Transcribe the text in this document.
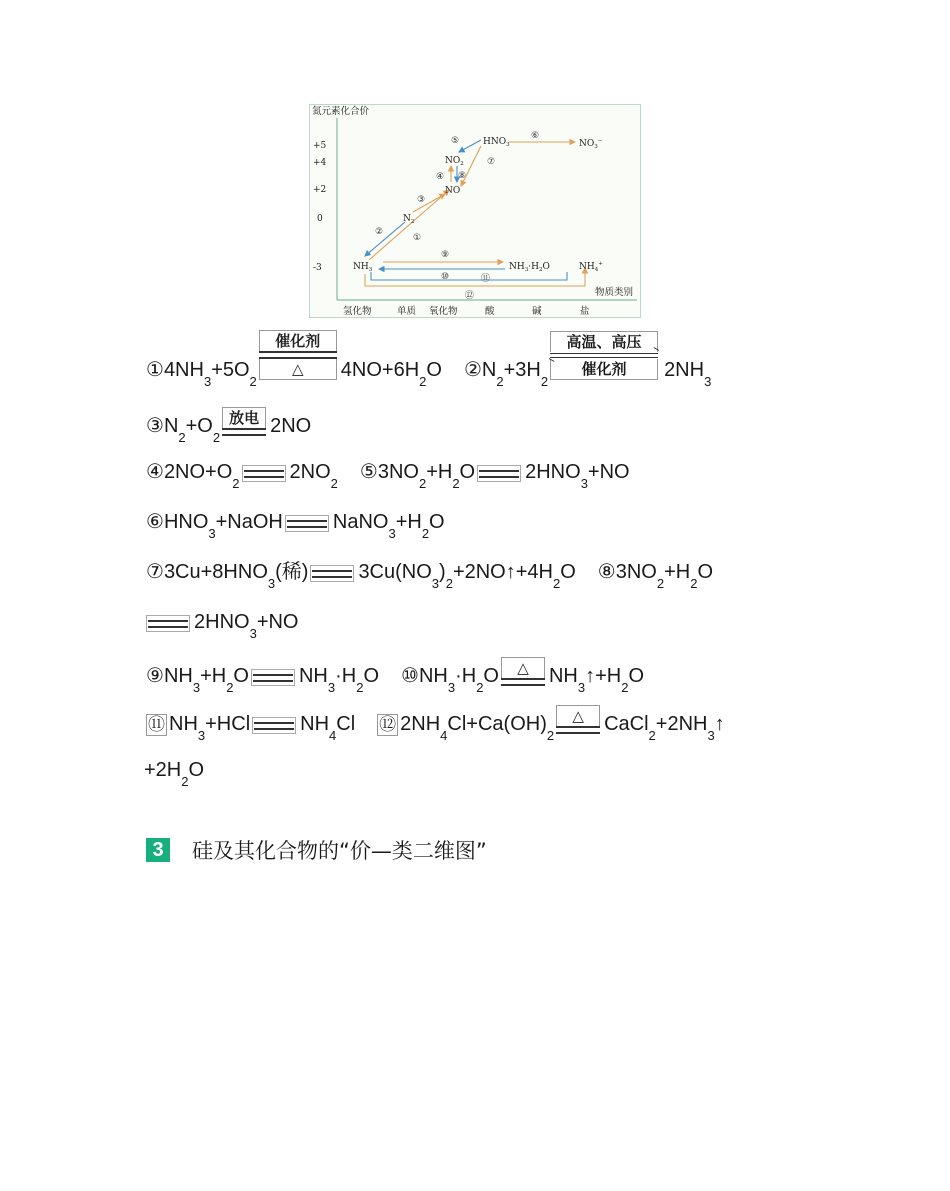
氮元素化合价
物质类别
+5
+4
+2
0
-3
氢化物	单质 氧化物	酸	碱	盐
$NH_3$
$N_2$
NO
$NO_2$
$HNO_3$	$NO_3^-$
$NH_3\cdot H_2O$	$NH_4^+$
①
②
③
④
⑤	⑥
⑦
⑧
⑨
⑩	⑪
⑫
① 4NH
3
+5O
2
催化剂
△	4NO+6H
2
O ② N
2
+3H
2
高温、高压
催化剂	2NH
3
③ N
2
+O
2
放电 2NO
④ 2NO+O
2
2NO
2
⑤ 3NO
2
+H
2
O	2HNO
3
+NO
⑥ HNO
3
+NaOH	NaNO
3
+H
2
O
⑦ 3Cu+8HNO
3
(稀)	3Cu(NO
3
)
2
+2NO↑+4H
2
O ⑧ 3NO
2
+H
2
O
2HNO
3
+NO
⑨ NH
3
+H
2
O	NH
3
·H
2
O ⑩ NH
3
·H
2
O	△	NH
3
↑+H
2
O
⑪ NH
3
+HCl	NH
4
Cl ⑫ 2NH
4
Cl+Ca(OH)
2
△	CaCl
2
+2NH
3
↑
+2H
2
O
3	硅及其化合物的“价—类二维图”
